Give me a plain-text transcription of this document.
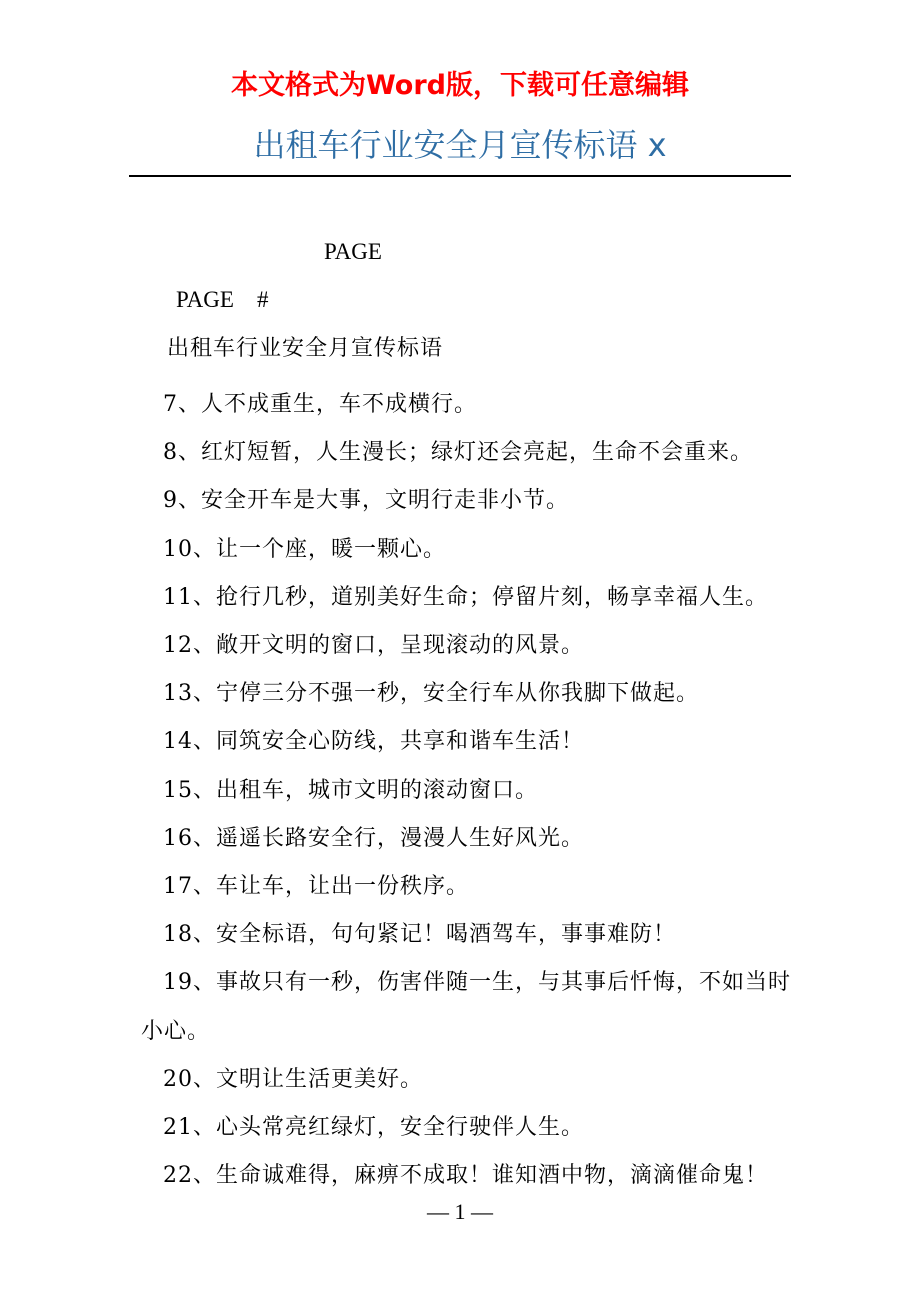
本文格式为Word版，下载可任意编辑
出租车行业安全月宣传标语 x
PAGE
PAGE    #
出租车行业安全月宣传标语
7、人不成重生，车不成横行。
8、红灯短暂，人生漫长；绿灯还会亮起，生命不会重来。
9、安全开车是大事，文明行走非小节。
10、让一个座，暖一颗心。
11、抢行几秒，道别美好生命；停留片刻，畅享幸福人生。
12、敞开文明的窗口，呈现滚动的风景。
13、宁停三分不强一秒，安全行车从你我脚下做起。
14、同筑安全心防线，共享和谐车生活！
15、出租车，城市文明的滚动窗口。
16、遥遥长路安全行，漫漫人生好风光。
17、车让车，让出一份秩序。
18、安全标语，句句紧记！喝酒驾车，事事难防！
19、事故只有一秒，伤害伴随一生，与其事后忏悔，不如当时 小心。
20、文明让生活更美好。
21、心头常亮红绿灯，安全行驶伴人生。
22、生命诚难得，麻痹不成取！谁知酒中物，滴滴催命鬼！
— 1 —
